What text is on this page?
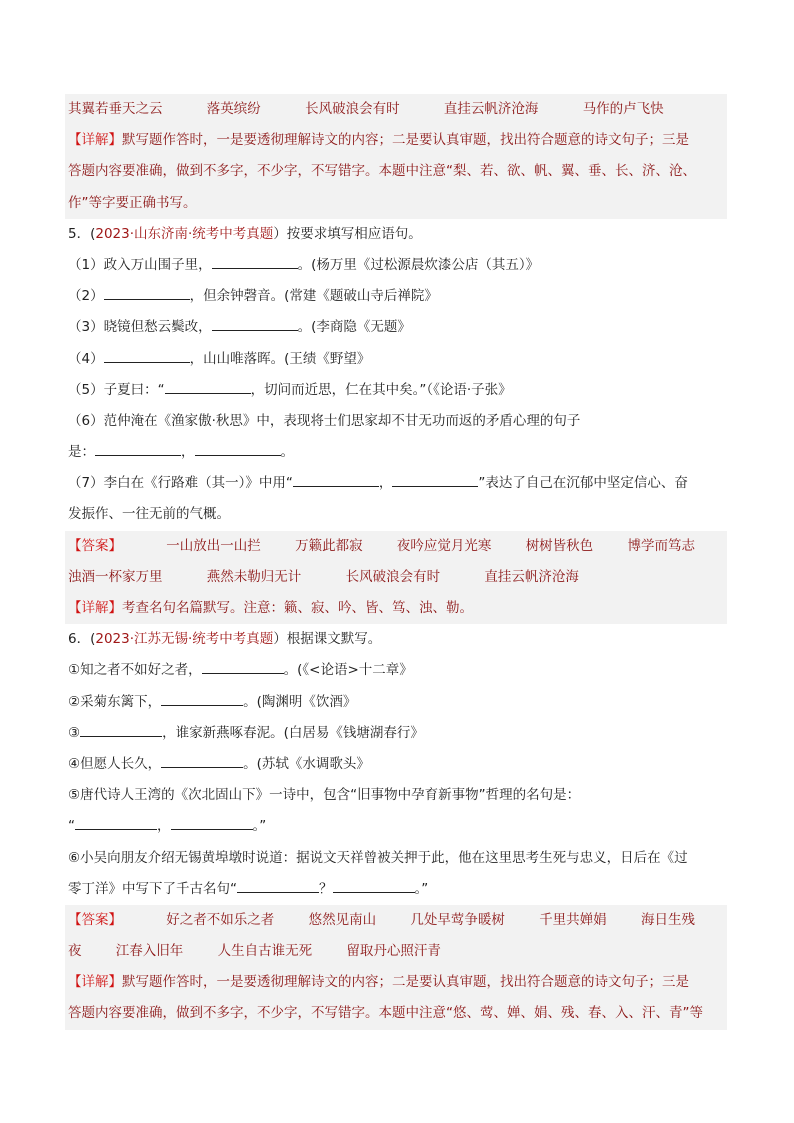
其翼若垂天之云	落英缤纷	长风破浪会有时	直挂云帆济沧海	马作的卢飞快
【详解】默写题作答时，一是要透彻理解诗文的内容；二是要认真审题，找出符合题意的诗文句子；三是
答题内容要准确，做到不多字，不少字，不写错字。本题中注意“梨、若、欲、帆、翼、垂、长、济、沧、
作”等字要正确书写。
5．(2023·山东济南·统考中考真题）按要求填写相应语句。
（1）政入万山围子里，	。(杨万里《过松源晨炊漆公店（其五）》
（2）	，但余钟磬音。(常建《题破山寺后禅院》
（3）晓镜但愁云鬓改，	。(李商隐《无题》
（4）	，山山唯落晖。(王绩《野望》
（5）子夏曰：“	，切问而近思，仁在其中矣。”（《论语·子张》
（6）范仲淹在《渔家傲·秋思》中，表现将士们思家却不甘无功而返的矛盾心理的句子
是：	，	。
（7）李白在《行路难（其一）》中用“	，	”表达了自己在沉郁中坚定信心、奋
发振作、一往无前的气概。
【答案】	一山放出一山拦	万籁此都寂	夜吟应觉月光寒	树树皆秋色	博学而笃志
浊酒一杯家万里	燕然未勒归无计	长风破浪会有时	直挂云帆济沧海
【详解】考查名句名篇默写。注意：籁、寂、吟、皆、笃、浊、勒。
6．(2023·江苏无锡·统考中考真题）根据课文默写。
①知之者不如好之者，	。(《<论语>十二章》
②采菊东篱下，	。(陶渊明《饮酒》
③	，谁家新燕啄春泥。(白居易《钱塘湖春行》
④但愿人长久，	。(苏轼《水调歌头》
⑤唐代诗人王湾的《次北固山下》一诗中，包含“旧事物中孕育新事物”哲理的名句是：
“	，	。”
⑥小吴向朋友介绍无锡黄埠墩时说道：据说文天祥曾被关押于此，他在这里思考生死与忠义，日后在《过
零丁洋》中写下了千古名句“	？	。”
【答案】	好之者不如乐之者	悠然见南山	几处早莺争暖树	千里共婵娟	海日生残
夜	江春入旧年	人生自古谁无死	留取丹心照汗青
【详解】默写题作答时，一是要透彻理解诗文的内容；二是要认真审题，找出符合题意的诗文句子；三是
答题内容要准确，做到不多字，不少字，不写错字。本题中注意“悠、莺、婵、娟、残、春、入、汗、青”等
